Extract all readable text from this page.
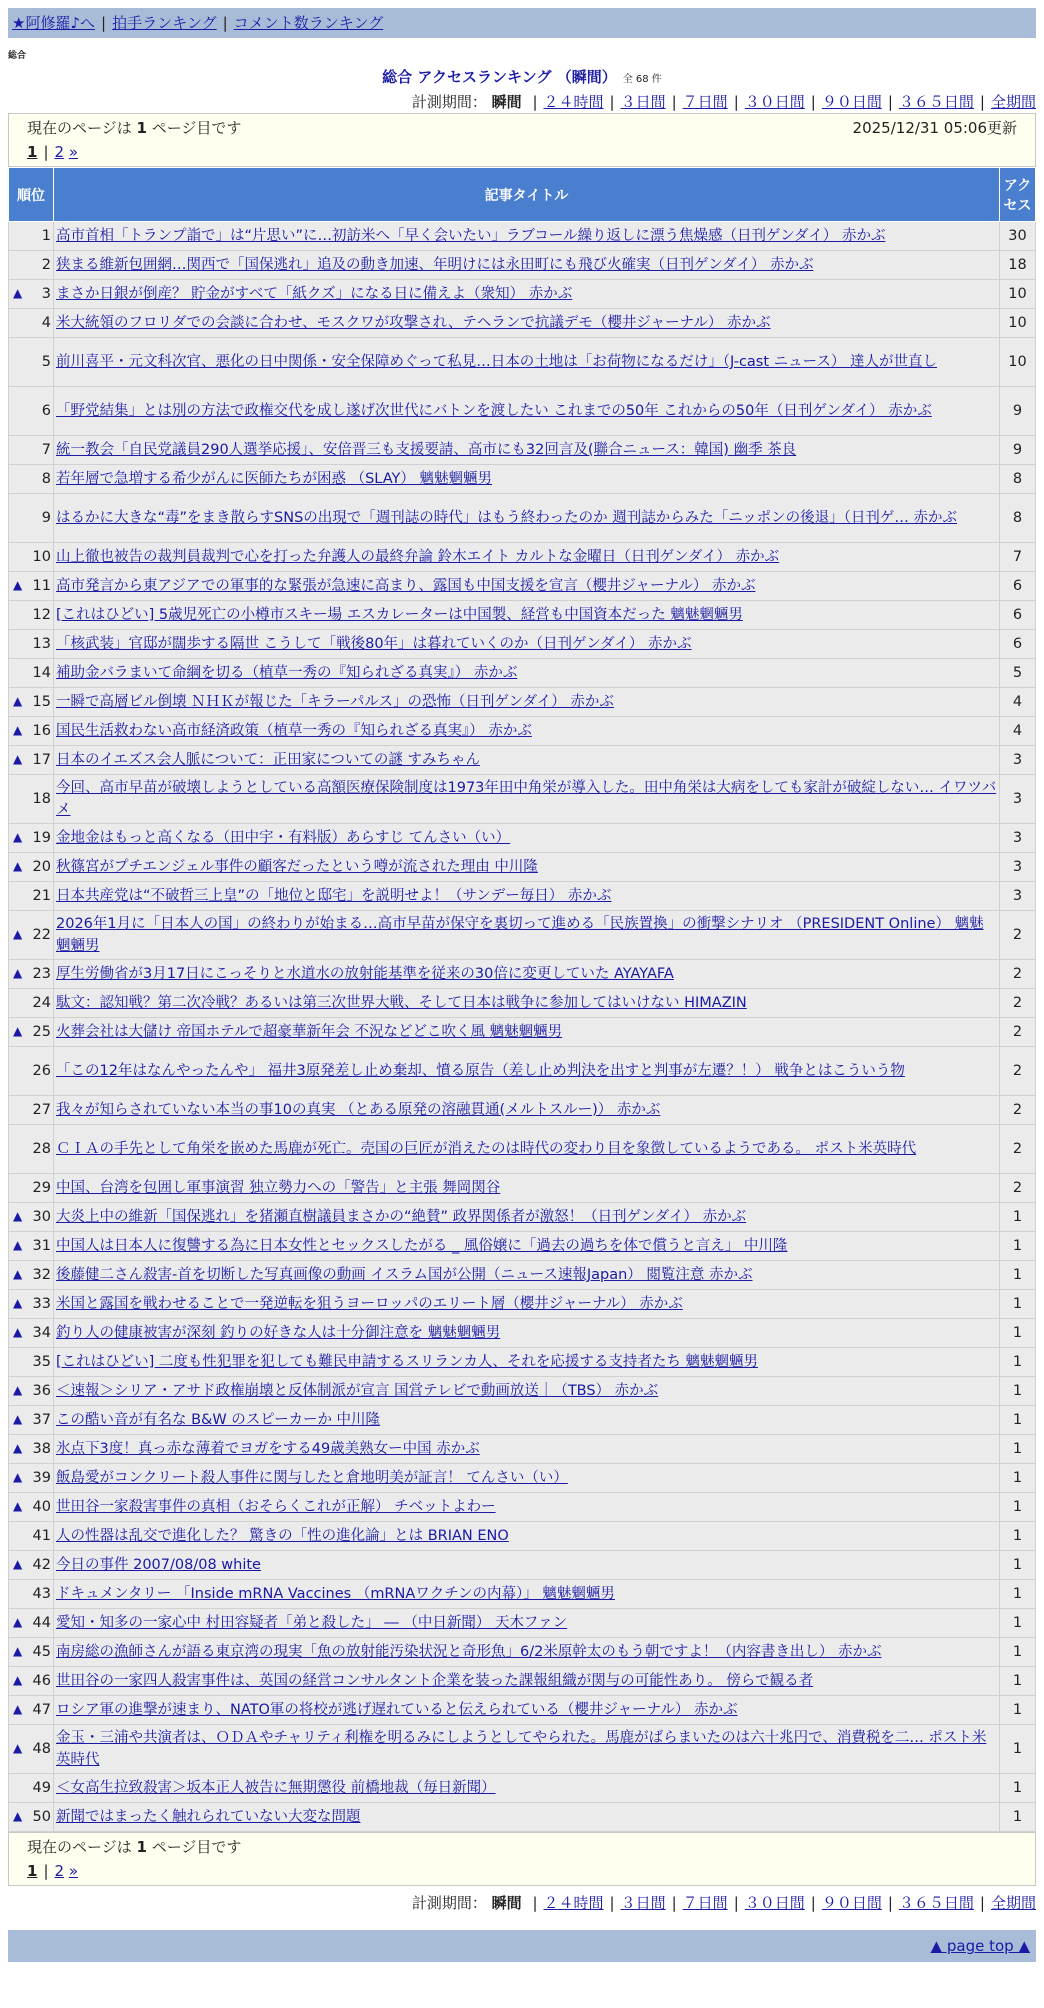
★阿修羅♪へ | 拍手ランキング | コメント数ランキング
総合
総合 アクセスランキング （瞬間） 全 68 件
計測期間： 瞬間 | ２４時間 | ３日間 | ７日間 | ３０日間 | ９０日間 | ３６５日間 | 全期間
現在のページは 1 ページ目です	2025/12/31 05:06更新
1 | 2 »
順位	記事タイトル	アクセス
1	高市首相「トランプ詣で」は“片思い”に…初訪米へ「早く会いたい」ラブコール繰り返しに漂う焦燥感（日刊ゲンダイ） 赤かぶ	30
2	狭まる維新包囲網…関西で「国保逃れ」追及の動き加速、年明けには永田町にも飛び火確実（日刊ゲンダイ） 赤かぶ	18

▲ 3	まさか日銀が倒産？ 貯金がすべて「紙クズ」になる日に備えよ（衆知） 赤かぶ	10
4	米大統領のフロリダでの会談に合わせ、モスクワが攻撃され、テヘランで抗議デモ（櫻井ジャーナル） 赤かぶ	10
5	前川喜平・元文科次官、悪化の日中関係・安全保障めぐって私見…日本の土地は「お荷物になるだけ」（J-cast ニュース） 達人が世直し	10
6	「野党結集」とは別の方法で政権交代を成し遂げ次世代にバトンを渡したい これまでの50年 これからの50年（日刊ゲンダイ） 赤かぶ	9
7	統一教会「自民党議員290人選挙応援」、安倍晋三も支援要請、高市にも32回言及(聯合ニュース：韓国) 幽季 茶良	9
8	若年層で急増する希少がんに医師たちが困惑 （SLAY） 魑魅魍魎男	8
9	はるかに大きな“毒”をまき散らすSNSの出現で「週刊誌の時代」はもう終わったのか 週刊誌からみた「ニッポンの後退」（日刊ゲ… 赤かぶ	8
10	山上徹也被告の裁判員裁判で心を打った弁護人の最終弁論 鈴木エイト カルトな金曜日（日刊ゲンダイ） 赤かぶ	7

▲ 11	高市発言から東アジアでの軍事的な緊張が急速に高まり、露国も中国支援を宣言（櫻井ジャーナル） 赤かぶ	6
12	[これはひどい] 5歳児死亡の小樽市スキー場 エスカレーターは中国製、経営も中国資本だった 魑魅魍魎男	6
13	「核武装」官邸が闊歩する隔世 こうして「戦後80年」は暮れていくのか（日刊ゲンダイ） 赤かぶ	6
14	補助金バラまいて命綱を切る（植草一秀の『知られざる真実』） 赤かぶ	5

▲ 15	一瞬で高層ビル倒壊 ＮＨＫが報じた「キラーパルス」の恐怖（日刊ゲンダイ） 赤かぶ	4

▲ 16	国民生活救わない高市経済政策（植草一秀の『知られざる真実』） 赤かぶ	4

▲ 17	日本のイエズス会人脈について：正田家についての謎 すみちゃん	3
18	今回、高市早苗が破壊しようとしている高額医療保険制度は1973年田中角栄が導入した。田中角栄は大病をしても家計が破綻しない… イワツバメ	3

▲ 19	金地金はもっと高くなる（田中宇・有料版）あらすじ てんさい（い）	3

▲ 20	秋篠宮がプチエンジェル事件の顧客だったという噂が流された理由 中川隆	3
21	日本共産党は“不破哲三上皇”の「地位と邸宅」を説明せよ！（サンデー毎日） 赤かぶ	3

▲ 22	2026年1月に「日本人の国」の終わりが始まる…高市早苗が保守を裏切って進める「民族置換」の衝撃シナリオ （PRESIDENT Online） 魑魅魍魎男	2

▲ 23	厚生労働省が3月17日にこっそりと水道水の放射能基準を従来の30倍に変更していた AYAYAFA	2
24	駄文：認知戦？第二次冷戦？あるいは第三次世界大戦、そして日本は戦争に参加してはいけない HIMAZIN	2

▲ 25	火葬会社は大儲け 帝国ホテルで超豪華新年会 不況などどこ吹く風 魑魅魍魎男	2
26	「この12年はなんやったんや」 福井3原発差し止め棄却、憤る原告（差し止め判決を出すと判事が左遷？！） 戦争とはこういう物	2
27	我々が知らされていない本当の事10の真実 （とある原発の溶融貫通(メルトスルー)） 赤かぶ	2
28	ＣＩＡの手先として角栄を嵌めた馬鹿が死亡。売国の巨匠が消えたのは時代の変わり目を象徴しているようである。 ポスト米英時代	2
29	中国、台湾を包囲し軍事演習 独立勢力への「警告」と主張 舞岡関谷	2

▲ 30	大炎上中の維新「国保逃れ」を猪瀬直樹議員まさかの“絶賛” 政界関係者が激怒！（日刊ゲンダイ） 赤かぶ	1

▲ 31	中国人は日本人に復讐する為に日本女性とセックスしたがる _ 風俗嬢に「過去の過ちを体で償うと言え」 中川隆	1

▲ 32	後藤健二さん殺害-首を切断した写真画像の動画 イスラム国が公開（ニュース速報Japan） 閲覧注意 赤かぶ	1

▲ 33	米国と露国を戦わせることで一発逆転を狙うヨーロッパのエリート層（櫻井ジャーナル） 赤かぶ	1

▲ 34	釣り人の健康被害が深刻 釣りの好きな人は十分御注意を 魑魅魍魎男	1
35	[これはひどい] 二度も性犯罪を犯しても難民申請するスリランカ人、それを応援する支持者たち 魑魅魍魎男	1

▲ 36	＜速報＞シリア・アサド政権崩壊と反体制派が宣言 国営テレビで動画放送｜（TBS） 赤かぶ	1

▲ 37	この酷い音が有名な B&W のスピーカーか 中川隆	1

▲ 38	氷点下3度！真っ赤な薄着でヨガをする49歳美熟女ー中国 赤かぶ	1

▲ 39	飯島愛がコンクリート殺人事件に関与したと倉地明美が証言！ てんさい（い）	1

▲ 40	世田谷一家殺害事件の真相（おそらくこれが正解） チベットよわー	1
41	人の性器は乱交で進化した？ 驚きの「性の進化論」とは BRIAN ENO	1

▲ 42	今日の事件 2007/08/08 white	1
43	ドキュメンタリー 「Inside mRNA Vaccines （mRNAワクチンの内幕）」 魑魅魍魎男	1

▲ 44	愛知・知多の一家心中 村田容疑者「弟と殺した」 ― （中日新聞） 天木ファン	1

▲ 45	南房総の漁師さんが語る東京湾の現実「魚の放射能汚染状況と奇形魚」6/2米原幹太のもう朝ですよ！（内容書き出し） 赤かぶ	1

▲ 46	世田谷の一家四人殺害事件は、英国の経営コンサルタント企業を装った課報組織が関与の可能性あり。 傍らで観る者	1

▲ 47	ロシア軍の進撃が速まり、NATO軍の将校が逃げ遅れていると伝えられている（櫻井ジャーナル） 赤かぶ	1

▲ 48	金玉・三浦や共演者は、ＯＤＡやチャリティ利権を明るみにしようとしてやられた。馬鹿がばらまいたのは六十兆円で、消費税を二… ポスト米英時代	1
49	＜女高生拉致殺害＞坂本正人被告に無期懲役 前橋地裁（毎日新聞）	1

▲ 50	新聞ではまったく触れられていない大変な問題	1
現在のページは 1 ページ目です
1 | 2 »
計測期間： 瞬間 | ２４時間 | ３日間 | ７日間 | ３０日間 | ９０日間 | ３６５日間 | 全期間
▲ page top ▲
